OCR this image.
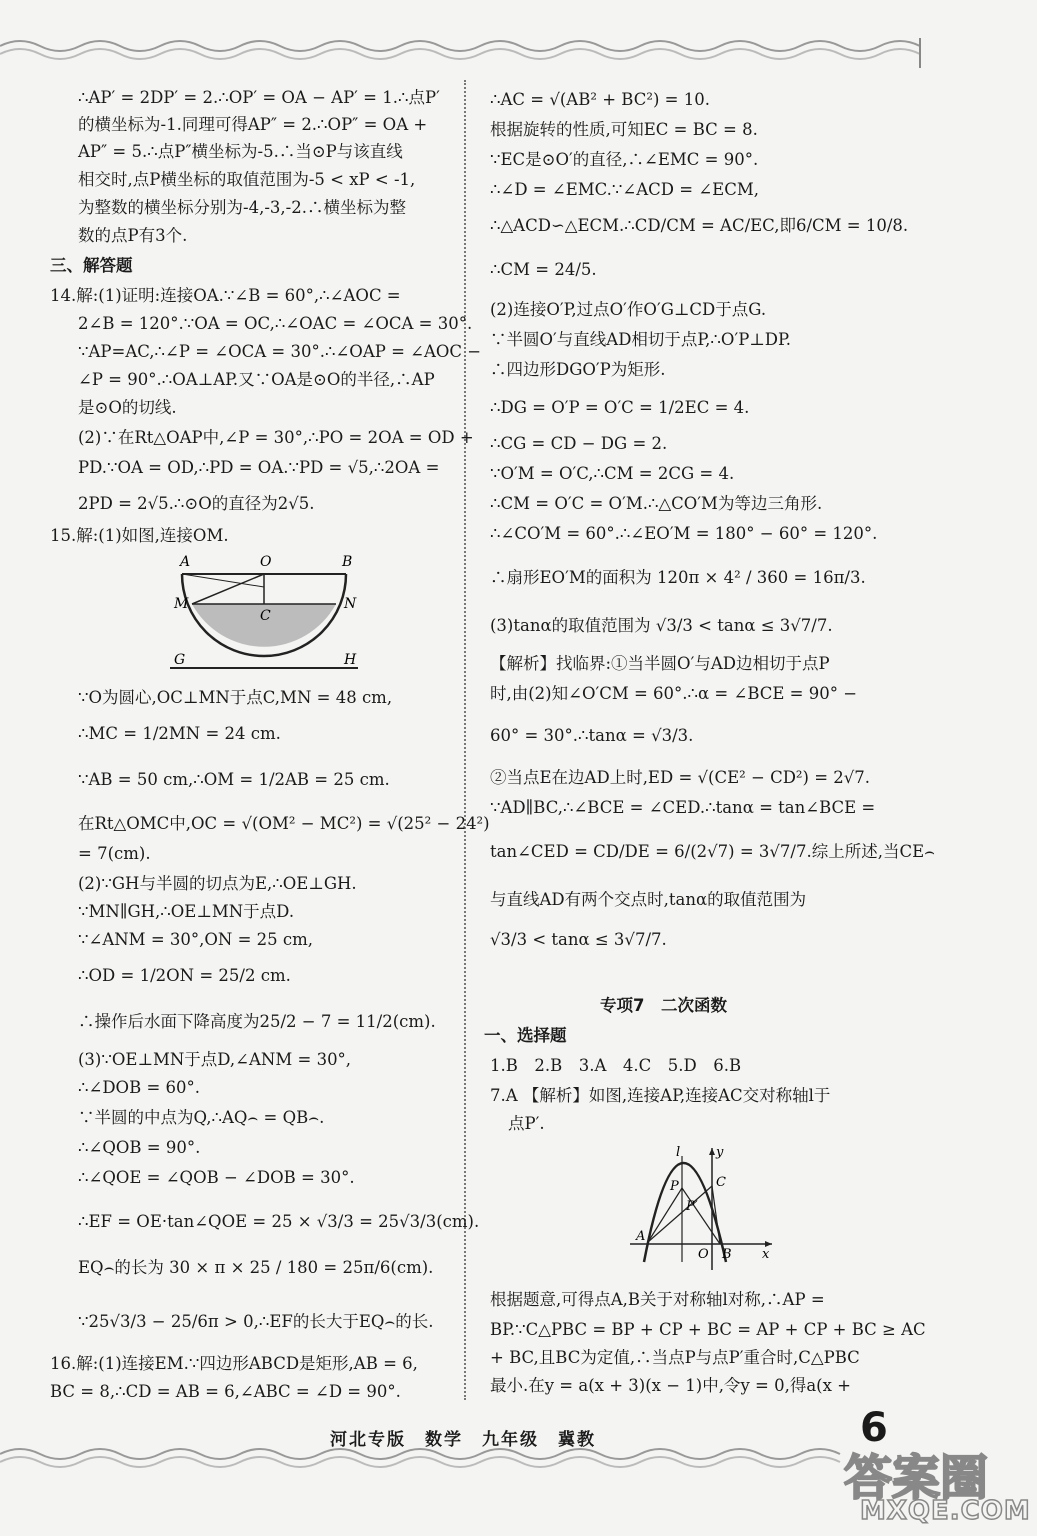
∴AP′ = 2DP′ = 2.∴OP′ = OA − AP′ = 1.∴点P′
的横坐标为-1.同理可得AP″ = 2.∴OP″ = OA +
AP″ = 5.∴点P″横坐标为-5.∴当⊙P与该直线
相交时,点P横坐标的取值范围为-5 < xP < -1,
为整数的横坐标分别为-4,-3,-2.∴横坐标为整
数的点P有3个.
三、解答题
14.解:(1)证明:连接OA.∵∠B = 60°,∴∠AOC =
2∠B = 120°.∵OA = OC,∴∠OAC = ∠OCA = 30°.
∵AP=AC,∴∠P = ∠OCA = 30°.∴∠OAP = ∠AOC −
∠P = 90°.∴OA⊥AP.又∵OA是⊙O的半径,∴AP
是⊙O的切线.
(2)∵在Rt△OAP中,∠P = 30°,∴PO = 2OA = OD +
PD.∵OA = OD,∴PD = OA.∵PD = √5,∴2OA =
2PD = 2√5.∴⊙O的直径为2√5.
15.解:(1)如图,连接OM.
A	O	B
M
C
N
G	H
∵O为圆心,OC⊥MN于点C,MN = 48 cm,
∴MC = 1/2MN = 24 cm.
∵AB = 50 cm,∴OM = 1/2AB = 25 cm.
在Rt△OMC中,OC = √(OM² − MC²) = √(25² − 24²)
= 7(cm).
(2)∵GH与半圆的切点为E,∴OE⊥GH.
∵MN∥GH,∴OE⊥MN于点D.
∵∠ANM = 30°,ON = 25 cm,
∴OD = 1/2ON = 25/2 cm.
∴操作后水面下降高度为25/2 − 7 = 11/2(cm).
(3)∵OE⊥MN于点D,∠ANM = 30°,
∴∠DOB = 60°.
∵半圆的中点为Q,∴AQ⌢ = QB⌢.
∴∠QOB = 90°.
∴∠QOE = ∠QOB − ∠DOB = 30°.
∴EF = OE·tan∠QOE = 25 × √3/3 = 25√3/3(cm).
EQ⌢的长为 30 × π × 25 / 180 = 25π/6(cm).
∵25√3/3 − 25/6π > 0,∴EF的长大于EQ⌢的长.
16.解:(1)连接EM.∵四边形ABCD是矩形,AB = 6,
BC = 8,∴CD = AB = 6,∠ABC = ∠D = 90°.
∴AC = √(AB² + BC²) = 10.
根据旋转的性质,可知EC = BC = 8.
∵EC是⊙O′的直径,∴∠EMC = 90°.
∴∠D = ∠EMC.∵∠ACD = ∠ECM,
∴△ACD∽△ECM.∴CD/CM = AC/EC,即6/CM = 10/8.
∴CM = 24/5.
(2)连接O′P,过点O′作O′G⊥CD于点G.
∵半圆O′与直线AD相切于点P,∴O′P⊥DP.
∴四边形DGO′P为矩形.
∴DG = O′P = O′C = 1/2EC = 4.
∴CG = CD − DG = 2.
∵O′M = O′C,∴CM = 2CG = 4.
∴CM = O′C = O′M.∴△CO′M为等边三角形.
∴∠CO′M = 60°.∴∠EO′M = 180° − 60° = 120°.
∴扇形EO′M的面积为 120π × 4² / 360 = 16π/3.
(3)tanα的取值范围为 √3/3 < tanα ≤ 3√7/7.
【解析】找临界:①当半圆O′与AD边相切于点P
时,由(2)知∠O′CM = 60°.∴α = ∠BCE = 90° −
60° = 30°.∴tanα = √3/3.
②当点E在边AD上时,ED = √(CE² − CD²) = 2√7.
∵AD∥BC,∴∠BCE = ∠CED.∴tanα = tan∠BCE =
tan∠CED = CD/DE = 6/(2√7) = 3√7/7.综上所述,当CE⌢
与直线AD有两个交点时,tanα的取值范围为
√3/3 < tanα ≤ 3√7/7.
专项7　二次函数
一、选择题
1.B　2.B　3.A　4.C　5.D　6.B
7.A 【解析】如图,连接AP,连接AC交对称轴l于
点P′.
l	y
P	C
P′
A
O B x
根据题意,可得点A,B关于对称轴l对称,∴AP =
BP.∵C△PBC = BP + CP + BC = AP + CP + BC ≥ AC
+ BC,且BC为定值,∴当点P与点P′重合时,C△PBC
最小.在y = a(x + 3)(x − 1)中,令y = 0,得a(x +
河北专版　数学　九年级　冀教	6
答案圈
MXQE.COM
